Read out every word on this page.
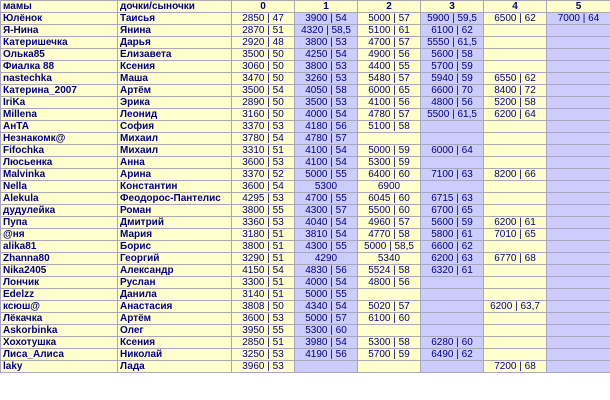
мамы	дочки/сыночки	0	1	2	3	4	5
Юлёнок	Таисья	2850 | 47	3900 | 54	5000 | 57	5900 | 59,5	6500 | 62	7000 | 64
Я-Нина	Янина	2870 | 51	4320 | 58,5	5100 | 61	6100 | 62		
Катеришечка	Дарья	2920 | 48	3800 | 53	4700 | 57	5550 | 61,5		
Олька85	Елизавета	3500 | 50	4250 | 54	4900 | 56	5600 | 58		
Фиалка 88	Ксения	3060 | 50	3800 | 53	4400 | 55	5700 | 59		
nastechka	Маша	3470 | 50	3260 | 53	5480 | 57	5940 | 59	6550 | 62	
Катерина_2007	Артём	3500 | 54	4050 | 58	6000 | 65	6600 | 70	8400 | 72	
IriKa	Эрика	2890 | 50	3500 | 53	4100 | 56	4800 | 56	5200 | 58	
Millena	Леонид	3160 | 50	4000 | 54	4780 | 57	5500 | 61,5	6200 | 64	
АнТА	София	3370 | 53	4180 | 56	5100 | 58			
Незнакомк@	Михаил	3780 | 54	4780 | 57				
Fifochka	Михаил	3310 | 51	4100 | 54	5000 | 59	6000 | 64		
Люсьенка	Анна	3600 | 53	4100 | 54	5300 | 59			
Malvinka	Арина	3370 | 52	5000 | 55	6400 | 60	7100 | 63	8200 | 66	
Nella	Константин	3600 | 54	5300	6900			
Alekula	Феодорос-Пантелис	4295 | 53	4700 | 55	6045 | 60	6715 | 63		
дудулейка	Роман	3800 | 55	4300 | 57	5500 | 60	6700 | 65		
Пупа	Дмитрий	3360 | 53	4040 | 54	4960 | 57	5600 | 59	6200 | 61	
@ня	Мария	3180 | 51	3810 | 54	4770 | 58	5800 | 61	7010 | 65	
alika81	Борис	3800 | 51	4300 | 55	5000 | 58,5	6600 | 62		
Zhanna80	Георгий	3290 | 51	4290	5340	6200 | 63	6770 | 68	
Nika2405	Александр	4150 | 54	4830 | 56	5524 | 58	6320 | 61		
Лончик	Руслан	3300 | 51	4000 | 54	4800 | 56			
Edelzz	Данила	3140 | 51	5000 | 55				
ксюш@	Анастасия	3808 | 50	4340 | 54	5020 | 57		6200 | 63,7	
Лёкачка	Артём	3600 | 53	5000 | 57	6100 | 60			
Askorbinka	Олег	3950 | 55	5300 | 60				
Хохотушка	Ксения	2850 | 51	3980 | 54	5300 | 58	6280 | 60		
Лиса_Алиса	Николай	3250 | 53	4190 | 56	5700 | 59	6490 | 62		
laky	Лада	3960 | 53				7200 | 68	
